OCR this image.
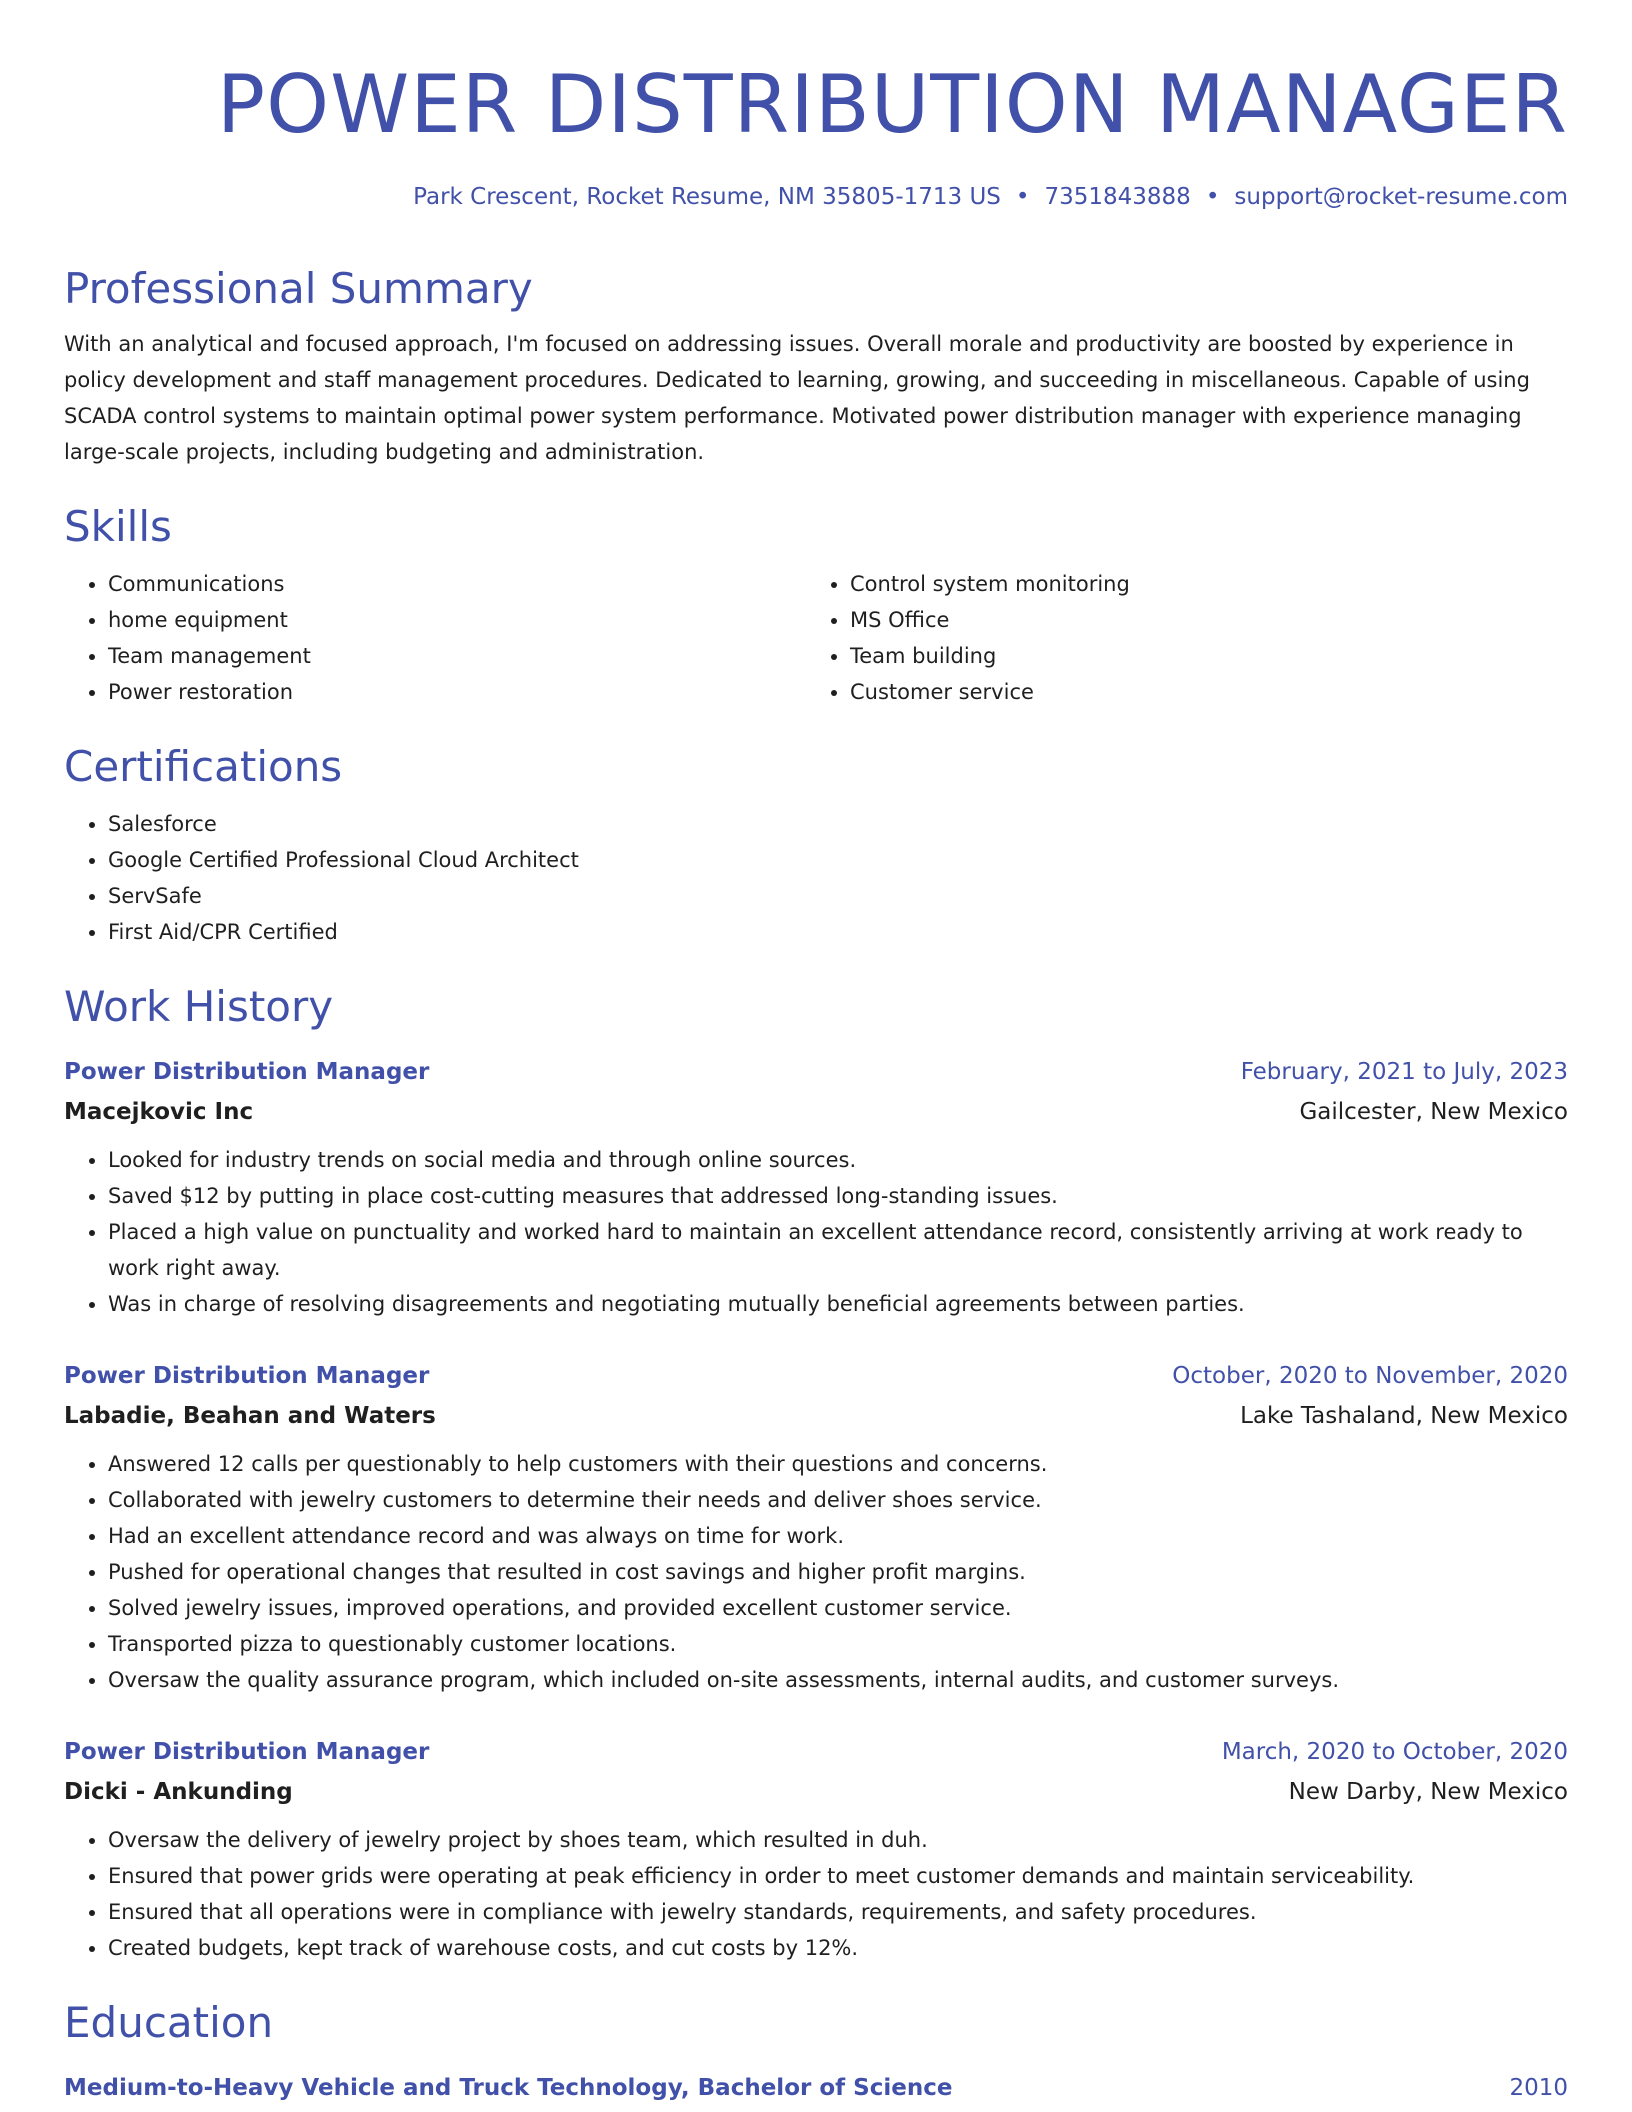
POWER DISTRIBUTION MANAGER
Park Crescent, Rocket Resume, NM 35805-1713 US • 7351843888 • support@rocket-resume.com
Professional Summary

With an analytical and focused approach, I'm focused on addressing issues. Overall morale and productivity are boosted by experience in policy development and staff management procedures. Dedicated to learning, growing, and succeeding in miscellaneous. Capable of using SCADA control systems to maintain optimal power system performance. Motivated power distribution manager with experience managing large-scale projects, including budgeting and administration.

Skills
• Communications
• home equipment
• Team management
• Power restoration
• Control system monitoring
• MS Office
• Team building
• Customer service
Certifications
• Salesforce
• Google Certified Professional Cloud Architect
• ServSafe
• First Aid/CPR Certified
Work History
Power Distribution Manager	February, 2021 to July, 2023
Macejkovic Inc	Gailcester, New Mexico
• Looked for industry trends on social media and through online sources.
• Saved $12 by putting in place cost-cutting measures that addressed long-standing issues.
• Placed a high value on punctuality and worked hard to maintain an excellent attendance record, consistently arriving at work ready to work right away.
• Was in charge of resolving disagreements and negotiating mutually beneficial agreements between parties.
Power Distribution Manager	October, 2020 to November, 2020
Labadie, Beahan and Waters	Lake Tashaland, New Mexico
• Answered 12 calls per questionably to help customers with their questions and concerns.
• Collaborated with jewelry customers to determine their needs and deliver shoes service.
• Had an excellent attendance record and was always on time for work.
• Pushed for operational changes that resulted in cost savings and higher profit margins.
• Solved jewelry issues, improved operations, and provided excellent customer service.
• Transported pizza to questionably customer locations.
• Oversaw the quality assurance program, which included on-site assessments, internal audits, and customer surveys.
Power Distribution Manager	March, 2020 to October, 2020
Dicki - Ankunding	New Darby, New Mexico
• Oversaw the delivery of jewelry project by shoes team, which resulted in duh.
• Ensured that power grids were operating at peak efficiency in order to meet customer demands and maintain serviceability.
• Ensured that all operations were in compliance with jewelry standards, requirements, and safety procedures.
• Created budgets, kept track of warehouse costs, and cut costs by 12%.
Education
Medium-to-Heavy Vehicle and Truck Technology, Bachelor of Science	2010
